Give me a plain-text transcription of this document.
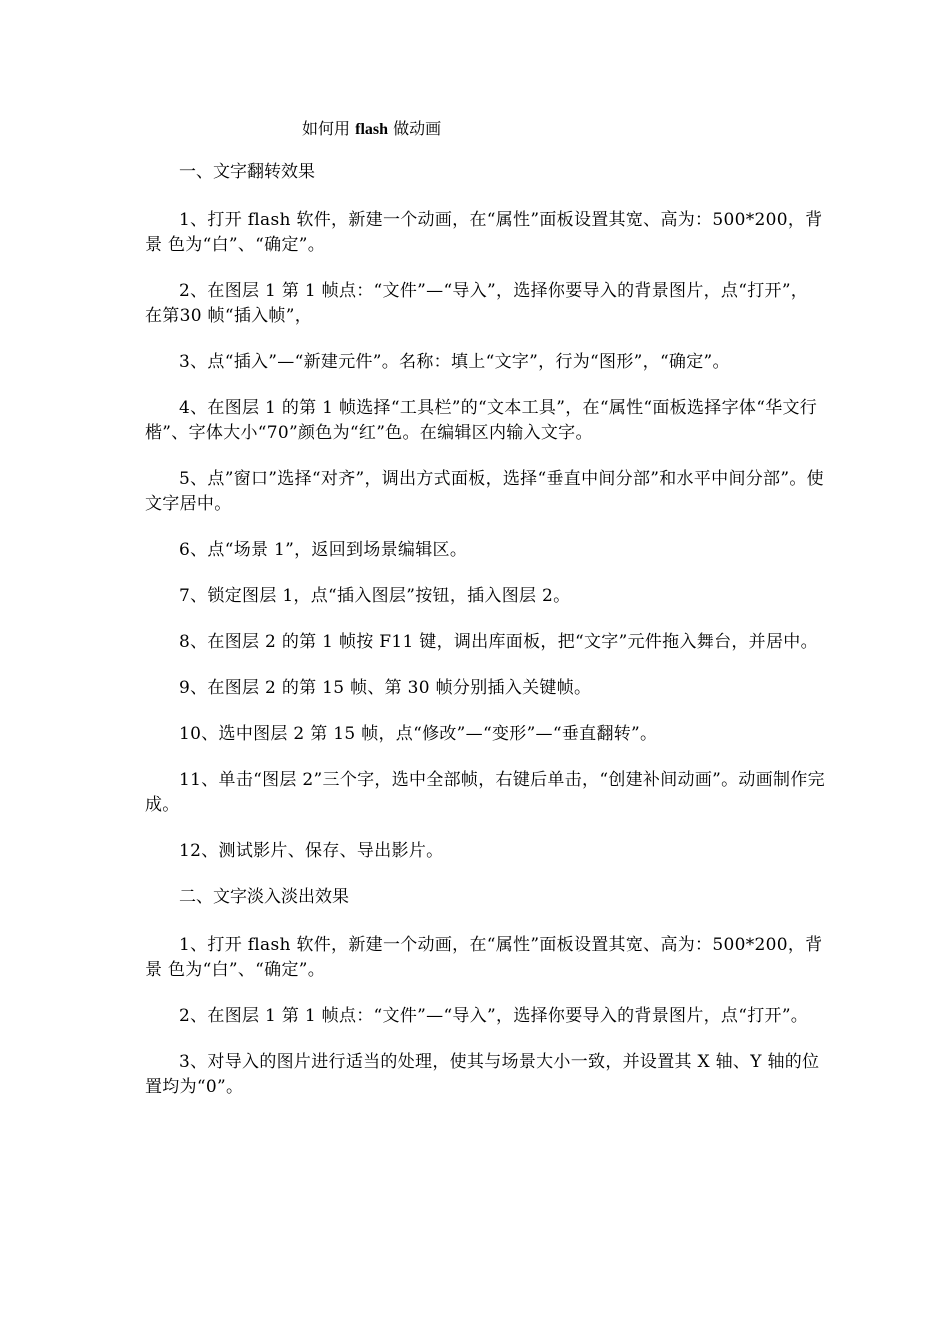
如何用 flash 做动画

一、文字翻转效果

1、打开 flash 软件，新建一个动画，在“属性”面板设置其宽、高为：500*200，背景 色为“白”、“确定”。

2、在图层 1 第 1 帧点：“文件”—“导入”，选择你要导入的背景图片，点“打开”，在第30 帧“插入帧”，

3、点“插入”—“新建元件”。名称：填上“文字”，行为“图形”，“确定”。

4、在图层 1 的第 1 帧选择“工具栏”的“文本工具”，在“属性“面板选择字体“华文行楷”、字体大小“70”颜色为“红”色。在编辑区内输入文字。

5、点”窗口”选择“对齐”，调出方式面板，选择“垂直中间分部”和水平中间分部”。使文字居中。

6、点“场景 1”，返回到场景编辑区。

7、锁定图层 1，点“插入图层”按钮，插入图层 2。

8、在图层 2 的第 1 帧按 F11 键，调出库面板，把“文字”元件拖入舞台，并居中。

9、在图层 2 的第 15 帧、第 30 帧分别插入关键帧。

10、选中图层 2 第 15 帧，点“修改”—“变形”—“垂直翻转”。

11、单击“图层 2”三个字，选中全部帧，右键后单击，“创建补间动画”。动画制作完成。

12、测试影片、保存、导出影片。

二、文字淡入淡出效果

1、打开 flash 软件，新建一个动画，在“属性”面板设置其宽、高为：500*200，背景 色为“白”、“确定”。

2、在图层 1 第 1 帧点：“文件”—“导入”，选择你要导入的背景图片，点“打开”。

3、对导入的图片进行适当的处理，使其与场景大小一致，并设置其 X 轴、Y 轴的位置均为“0”。
